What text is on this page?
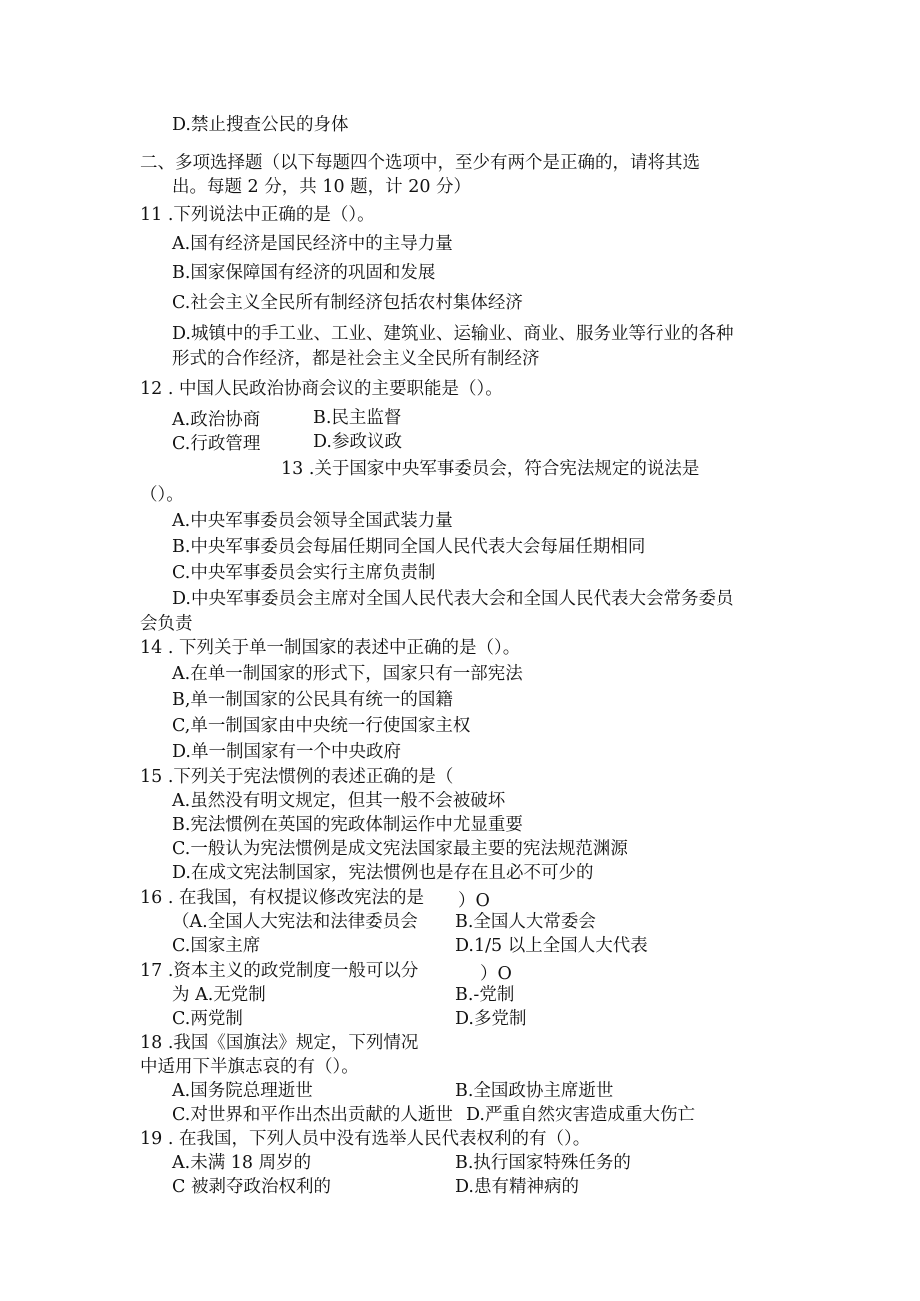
D.禁止搜查公民的身体
二、多项选择题（以下每题四个选项中，至少有两个是正确的，请将其选
出。每题 2 分，共 10 题，计 20 分）
11 .下列说法中正确的是（）。
A.国有经济是国民经济中的主导力量
B.国家保障国有经济的巩固和发展
C.社会主义全民所有制经济包括农村集体经济
D.城镇中的手工业、工业、建筑业、运输业、商业、服务业等行业的各种
形式的合作经济，都是社会主义全民所有制经济
12 . 中国人民政治协商会议的主要职能是（）。
A.政治协商	B.民主监督
C.行政管理	D.参政议政
13 .关于国家中央军事委员会，符合宪法规定的说法是
（）。
A.中央军事委员会领导全国武装力量
B.中央军事委员会每届任期同全国人民代表大会每届任期相同
C.中央军事委员会实行主席负责制
D.中央军事委员会主席对全国人民代表大会和全国人民代表大会常务委员
会负责
14 . 下列关于单一制国家的表述中正确的是（）。
A.在单一制国家的形式下，国家只有一部宪法
B,单一制国家的公民具有统一的国籍
C,单一制国家由中央统一行使国家主权
D.单一制国家有一个中央政府
15 .下列关于宪法惯例的表述正确的是（
A.虽然没有明文规定，但其一般不会被破坏
B.宪法惯例在英国的宪政体制运作中尤显重要
C.一般认为宪法惯例是成文宪法国家最主要的宪法规范渊源
D.在成文宪法制国家，宪法惯例也是存在且必不可少的
16 . 在我国，有权提议修改宪法的是 ）O
（A.全国人大宪法和法律委员会 B.全国人大常委会
C.国家主席	D.1/5 以上全国人大代表
17 .资本主义的政党制度一般可以分	）O
为 A.无党制	B.-党制
C.两党制	D.多党制
18 .我国《国旗法》规定，下列情况
中适用下半旗志哀的有（）。
A.国务院总理逝世	B.全国政协主席逝世
C.对世界和平作出杰出贡献的人逝世 D.严重自然灾害造成重大伤亡
19 . 在我国，下列人员中没有选举人民代表权利的有（）。
A.未满 18 周岁的	B.执行国家特殊任务的
C 被剥夺政治权利的	D.患有精神病的
